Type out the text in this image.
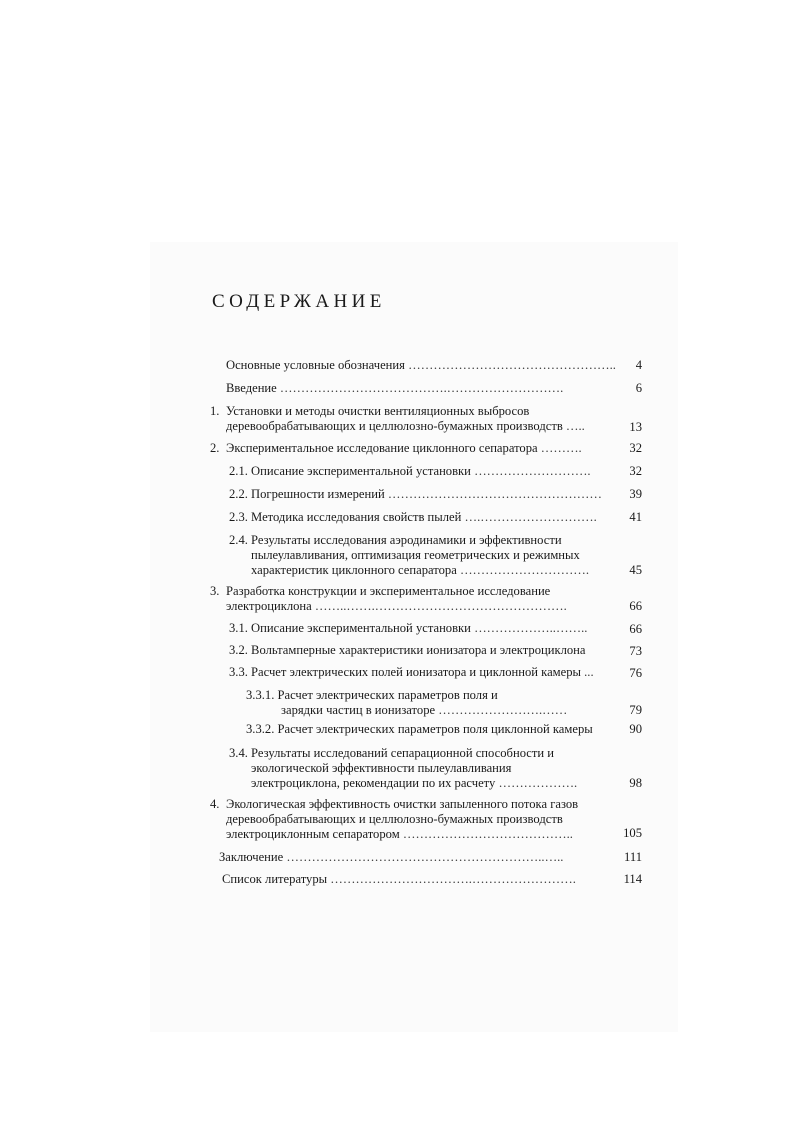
СОДЕРЖАНИЕ
Основные условные обозначения ………………………………………….. 4
Введение ………………………………….……………………….	6
1. Установки и методы очистки вентиляционных выбросов
деревообрабатывающих и целлюлозно-бумажных производств …..	13
2. Экспериментальное исследование циклонного сепаратора ……….	32
2.1. Описание экспериментальной установки ……………………….	32
2.2. Погрешности измерений …………………………………………… 39
2.3. Методика исследования свойств пылей ….……………………….	41
2.4. Результаты исследования аэродинамики и эффективности
пылеулавливания, оптимизация геометрических и режимных
характеристик циклонного сепаратора ………………………….	45
3. Разработка конструкции и экспериментальное исследование
электроциклона ……..…….……………………………………….	66
3.1. Описание экспериментальной установки ………………..……..	66
3.2. Вольтамперные характеристики ионизатора и электроциклона	73
3.3. Расчет электрических полей ионизатора и циклонной камеры ...	76
3.3.1. Расчет электрических параметров поля и
зарядки частиц в ионизаторе …………………….……	79
3.3.2. Расчет электрических параметров поля циклонной камеры	90
3.4. Результаты исследований сепарационной способности и
экологической эффективности пылеулавливания
электроциклона, рекомендации по их расчету ……………….	98
4. Экологическая эффективность очистки запыленного потока газов
деревообрабатывающих и целлюлозно-бумажных производств
электроциклонным сепаратором …………………………………..	105
Заключение ……………………………………………………..…..	111
Список литературы …………………………….…………………….	114
